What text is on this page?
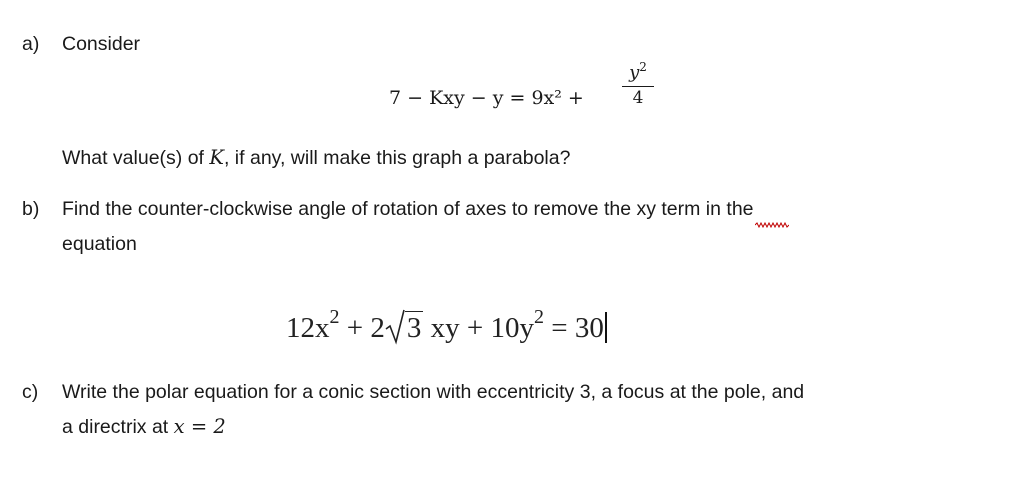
a) Consider
7 − Kxy − y = 9x² +
$y^2$
4
What value(s) of K, if any, will make this graph a parabola?
b) Find the counter-clockwise angle of rotation of axes to remove the xy term in the
equation
$12x^2 + 2$ 3 xy + $10y^2 = 30$
c) Write the polar equation for a conic section with eccentricity 3, a focus at the pole, and
a directrix at x = 2
